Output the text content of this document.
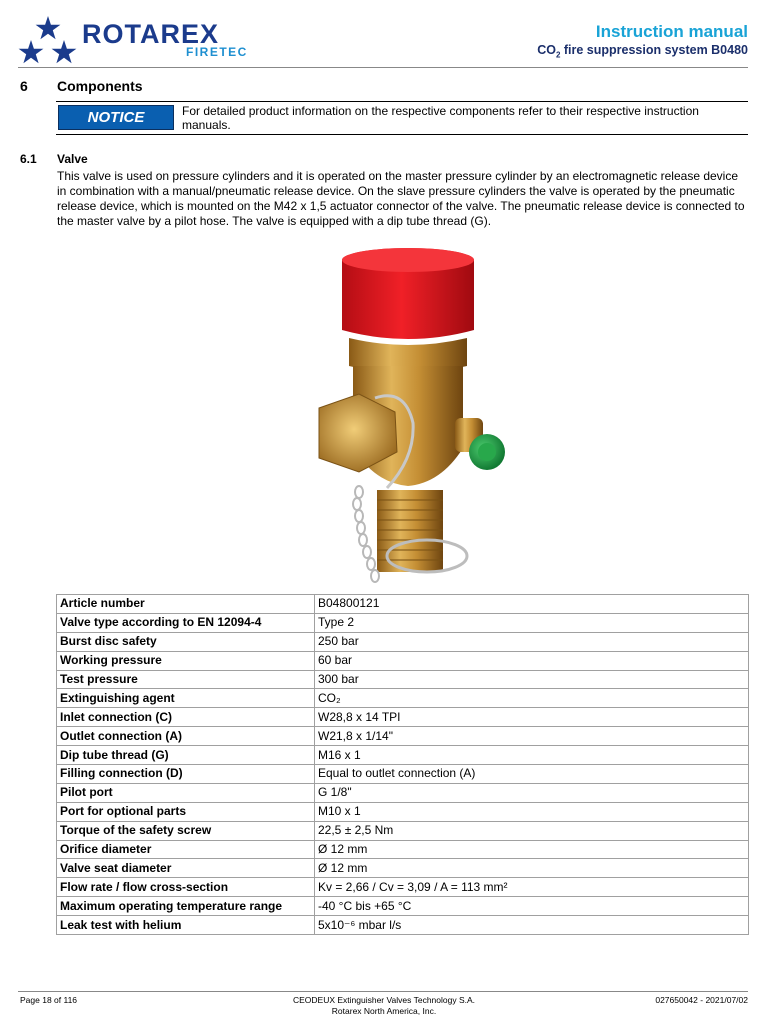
ROTAREX
FIRETEC
Instruction manual
$CO_2$ fire suppression system B0480
6 Components
NOTICE	For detailed product information on the respective components refer to their respective instruction manuals.
6.1 Valve
This valve is used on pressure cylinders and it is operated on the master pressure cylinder by an electromagnetic release device in combination with a manual/pneumatic release device. On the slave pressure cylinders the valve is operated by the pneumatic release device, which is mounted on the M42 x 1,5 actuator connector of the valve. The pneumatic release device is connected to the master valve by a pilot hose. The valve is equipped with a dip tube thread (G).
Article number	B04800121
Valve type according to EN 12094-4	Type 2
Burst disc safety	250 bar
Working pressure	60 bar
Test pressure	300 bar
Extinguishing agent	CO₂
Inlet connection (C)	W28,8 x 14 TPI
Outlet connection (A)	W21,8 x 1/14"
Dip tube thread (G)	M16 x 1
Filling connection (D)	Equal to outlet connection (A)
Pilot port	G 1/8"
Port for optional parts	M10 x 1
Torque of the safety screw	22,5 ± 2,5 Nm
Orifice diameter	Ø 12 mm
Valve seat diameter	Ø 12 mm
Flow rate / flow cross-section	Kv = 2,66 / Cv = 3,09 / A = 113 mm²
Maximum operating temperature range	-40 °C bis +65 °C
Leak test with helium	5x10⁻⁶ mbar l/s
Page 18 of 116	CEODEUX Extinguisher Valves Technology S.A.
Rotarex North America, Inc.
027650042 - 2021/07/02
